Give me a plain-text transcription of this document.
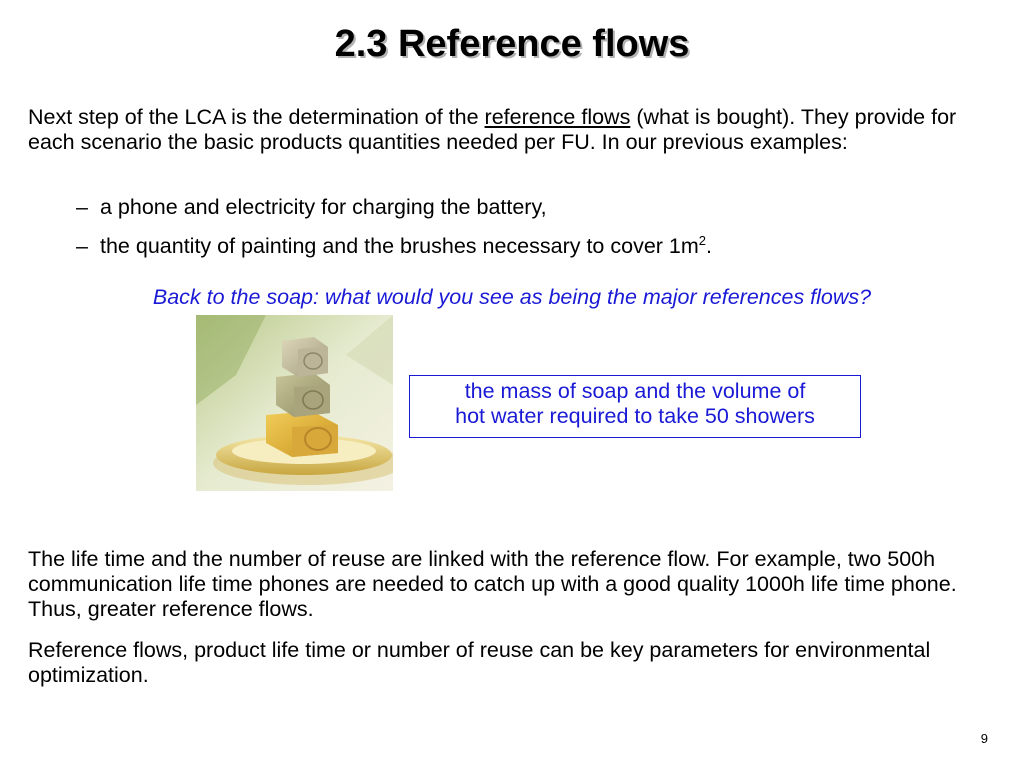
2.3 Reference flows
Next step of the LCA is the determination of the reference flows (what is bought). They provide for each scenario the basic products quantities needed per FU. In our previous examples:
– a phone and electricity for charging the battery,
– the quantity of painting and the brushes necessary to cover $1m^2$.
Back to the soap: what would you see as being the major references flows?
the mass of soap and the volume of
hot water required to take 50 showers
The life time and the number of reuse are linked with the reference flow. For example, two 500h communication life time phones are needed to catch up with a good quality 1000h life time phone. Thus, greater reference flows.
Reference flows, product life time or number of reuse can be key parameters for environmental optimization.
9
